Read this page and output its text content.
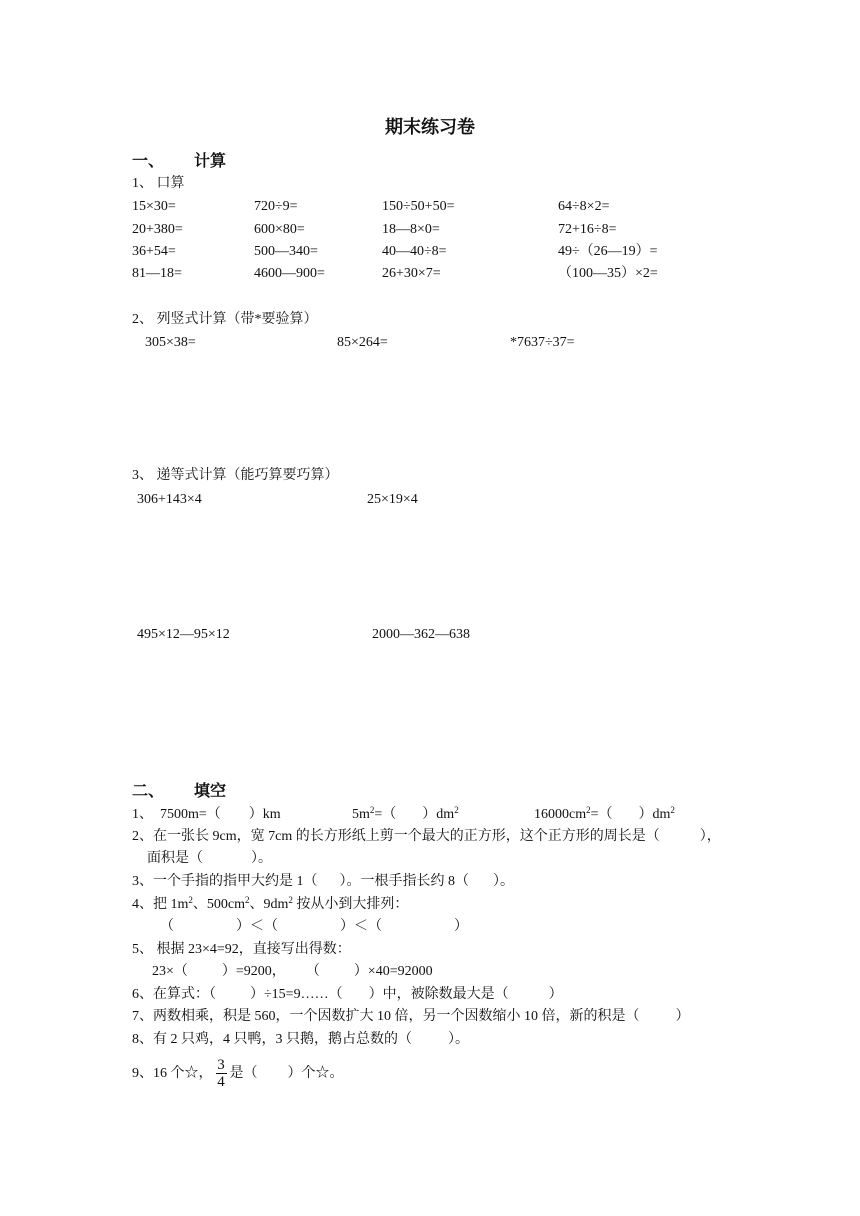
期末练习卷
一、 计算
1、 口算
15×30=	720÷9=	150÷50+50=	64÷8×2=
20+380=	600×80=	18—8×0=	72+16÷8=
36+54=	500—340=	40—40÷8=	49÷（26—19）=
81—18=	4600—900=	26+30×7=	（100—35）×2=
2、 列竖式计算（带*要验算）
305×38=	85×264=	*7637÷37=
3、 递等式计算（能巧算要巧算）
306+143×4	25×19×4
495×12—95×12	2000—362—638
二、 填空
1、 7500m=（ ）km	$5m^2=$（ ）$dm^2$	$16000cm^2=$（ ）$dm^2$
2、在一张长 9cm，宽 7cm 的长方形纸上剪一个最大的正方形，这个正方形的周长是（	），
面积是（	）。
3、一个手指的指甲大约是 1（ ）。一根手指长约 8（ ）。
4、把 $1m^2$、$500cm^2$、$9dm^2$ 按从小到大排列：
（	）＜（	）＜（	）
5、 根据 23×4=92，直接写出得数：
23×（ ）=9200， （ ）×40=92000
6、在算式：（ ）÷15=9……（ ）中，被除数最大是（	）
7、两数相乘，积是 560，一个因数扩大 10 倍，另一个因数缩小 10 倍，新的积是（	）
8、有 2 只鸡，4 只鸭，3 只鹅，鹅占总数的（	）。
9、16 个☆， $\frac{3}{4}$ 是（ ）个☆。
